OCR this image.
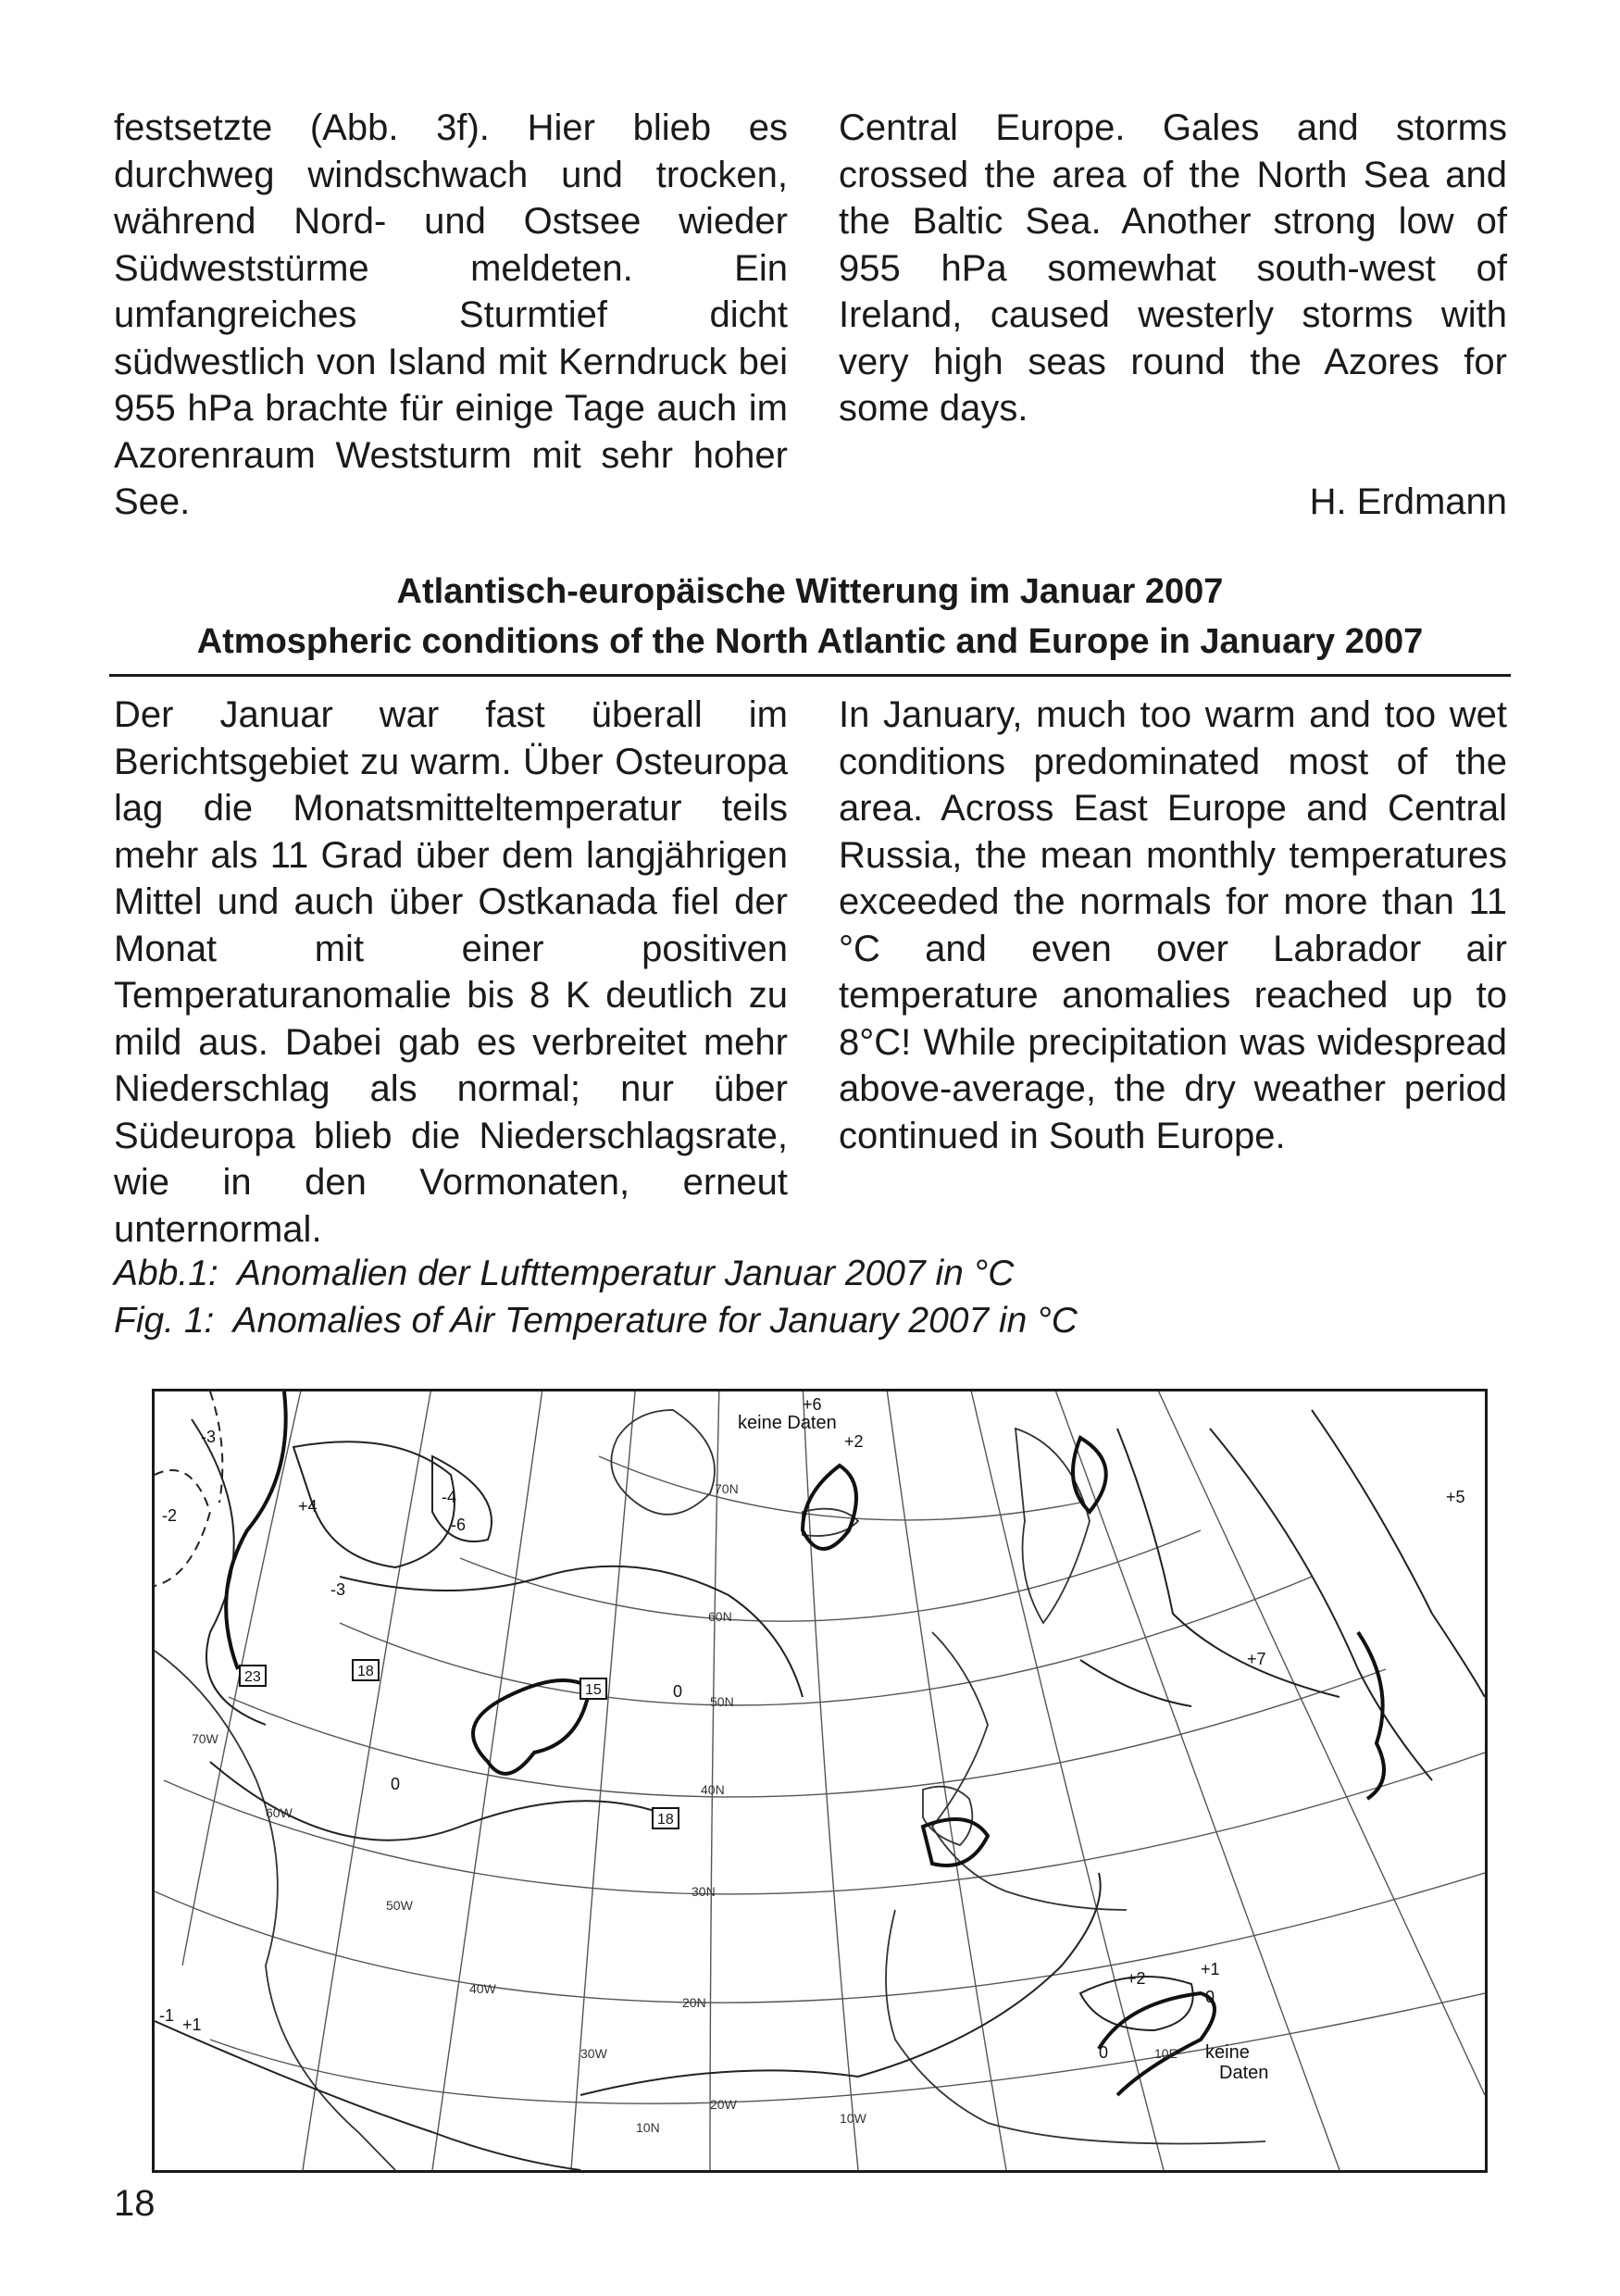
festsetzte (Abb. 3f). Hier blieb es durchweg windschwach und trocken, während Nord- und Ostsee wieder Südweststürme meldeten. Ein umfangreiches Sturmtief dicht südwestlich von Island mit Kerndruck bei 955 hPa brachte für einige Tage auch im Azorenraum Weststurm mit sehr hoher See.

Central Europe. Gales and storms crossed the area of the North Sea and the Baltic Sea. Another strong low of 955 hPa somewhat south-west of Ireland, caused westerly storms with very high seas round the Azores for some days.

H. Erdmann

Atlantisch-europäische Witterung im Januar 2007
Atmospheric conditions of the North Atlantic and Europe in January 2007

Der Januar war fast überall im Berichtsgebiet zu warm. Über Osteuropa lag die Monatsmitteltemperatur teils mehr als 11 Grad über dem langjährigen Mittel und auch über Ostkanada fiel der Monat mit einer positiven Temperaturanomalie bis 8 K deutlich zu mild aus. Dabei gab es verbreitet mehr Niederschlag als normal; nur über Südeuropa blieb die Niederschlagsrate, wie in den Vormonaten, erneut unternormal.

In January, much too warm and too wet conditions predominated most of the area. Across East Europe and Central Russia, the mean monthly temperatures exceeded the normals for more than 11 °C and even over Labrador air temperature anomalies reached up to 8°C! While precipitation was widespread above-average, the dry weather period continued in South Europe.

Abb.1: Anomalien der Lufttemperatur Januar 2007 in °C
Fig. 1: Anomalies of Air Temperature for January 2007 in °C
23	18
15
18
keine Daten
keine
Daten
70N
60N
50N
40N
30N
20N
10N
70W
60W
50W
40W
30W
20W
10W
10E
-3
-2	+4	-4
-6
-3
+6
+2
+5
+7
+2	+1
-1 +1
0
0
0
0
18
